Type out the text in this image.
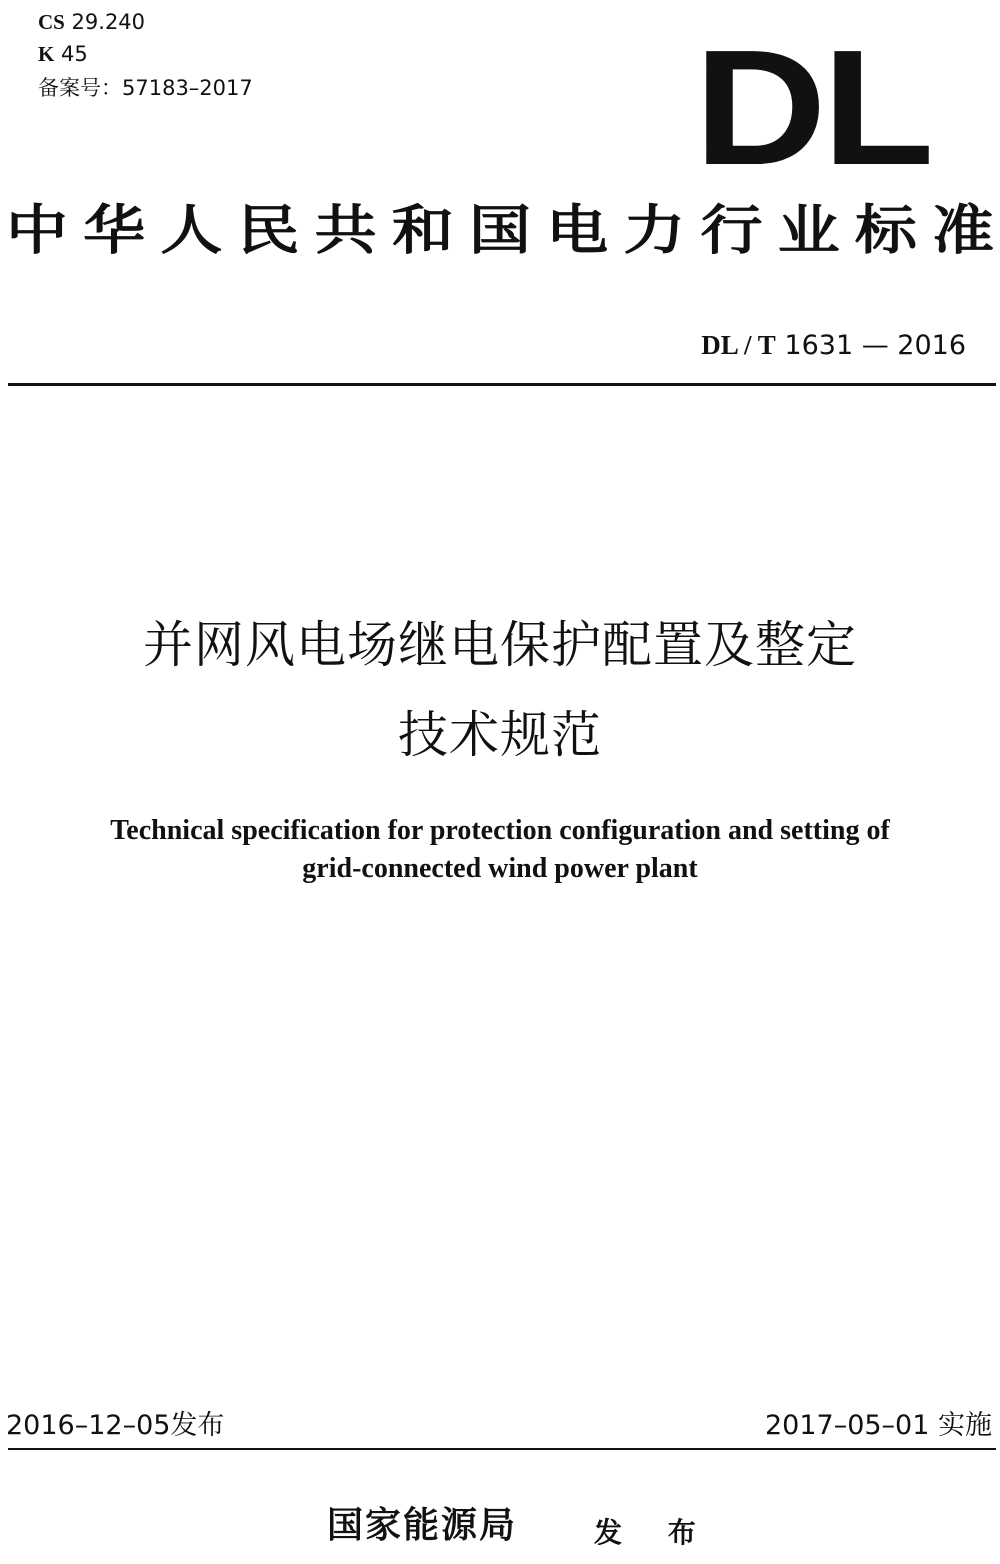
CS 29.240
K 45
备案号：57183–2017	DL
中华人民共和国电力行业标准
DL / T 1631 — 2016
并网风电场继电保护配置及整定
技术规范
Technical specification for protection configuration and setting of
grid-connected wind power plant
2016–12–05发布	2017–05–01 实施
国家能源局	发 布
